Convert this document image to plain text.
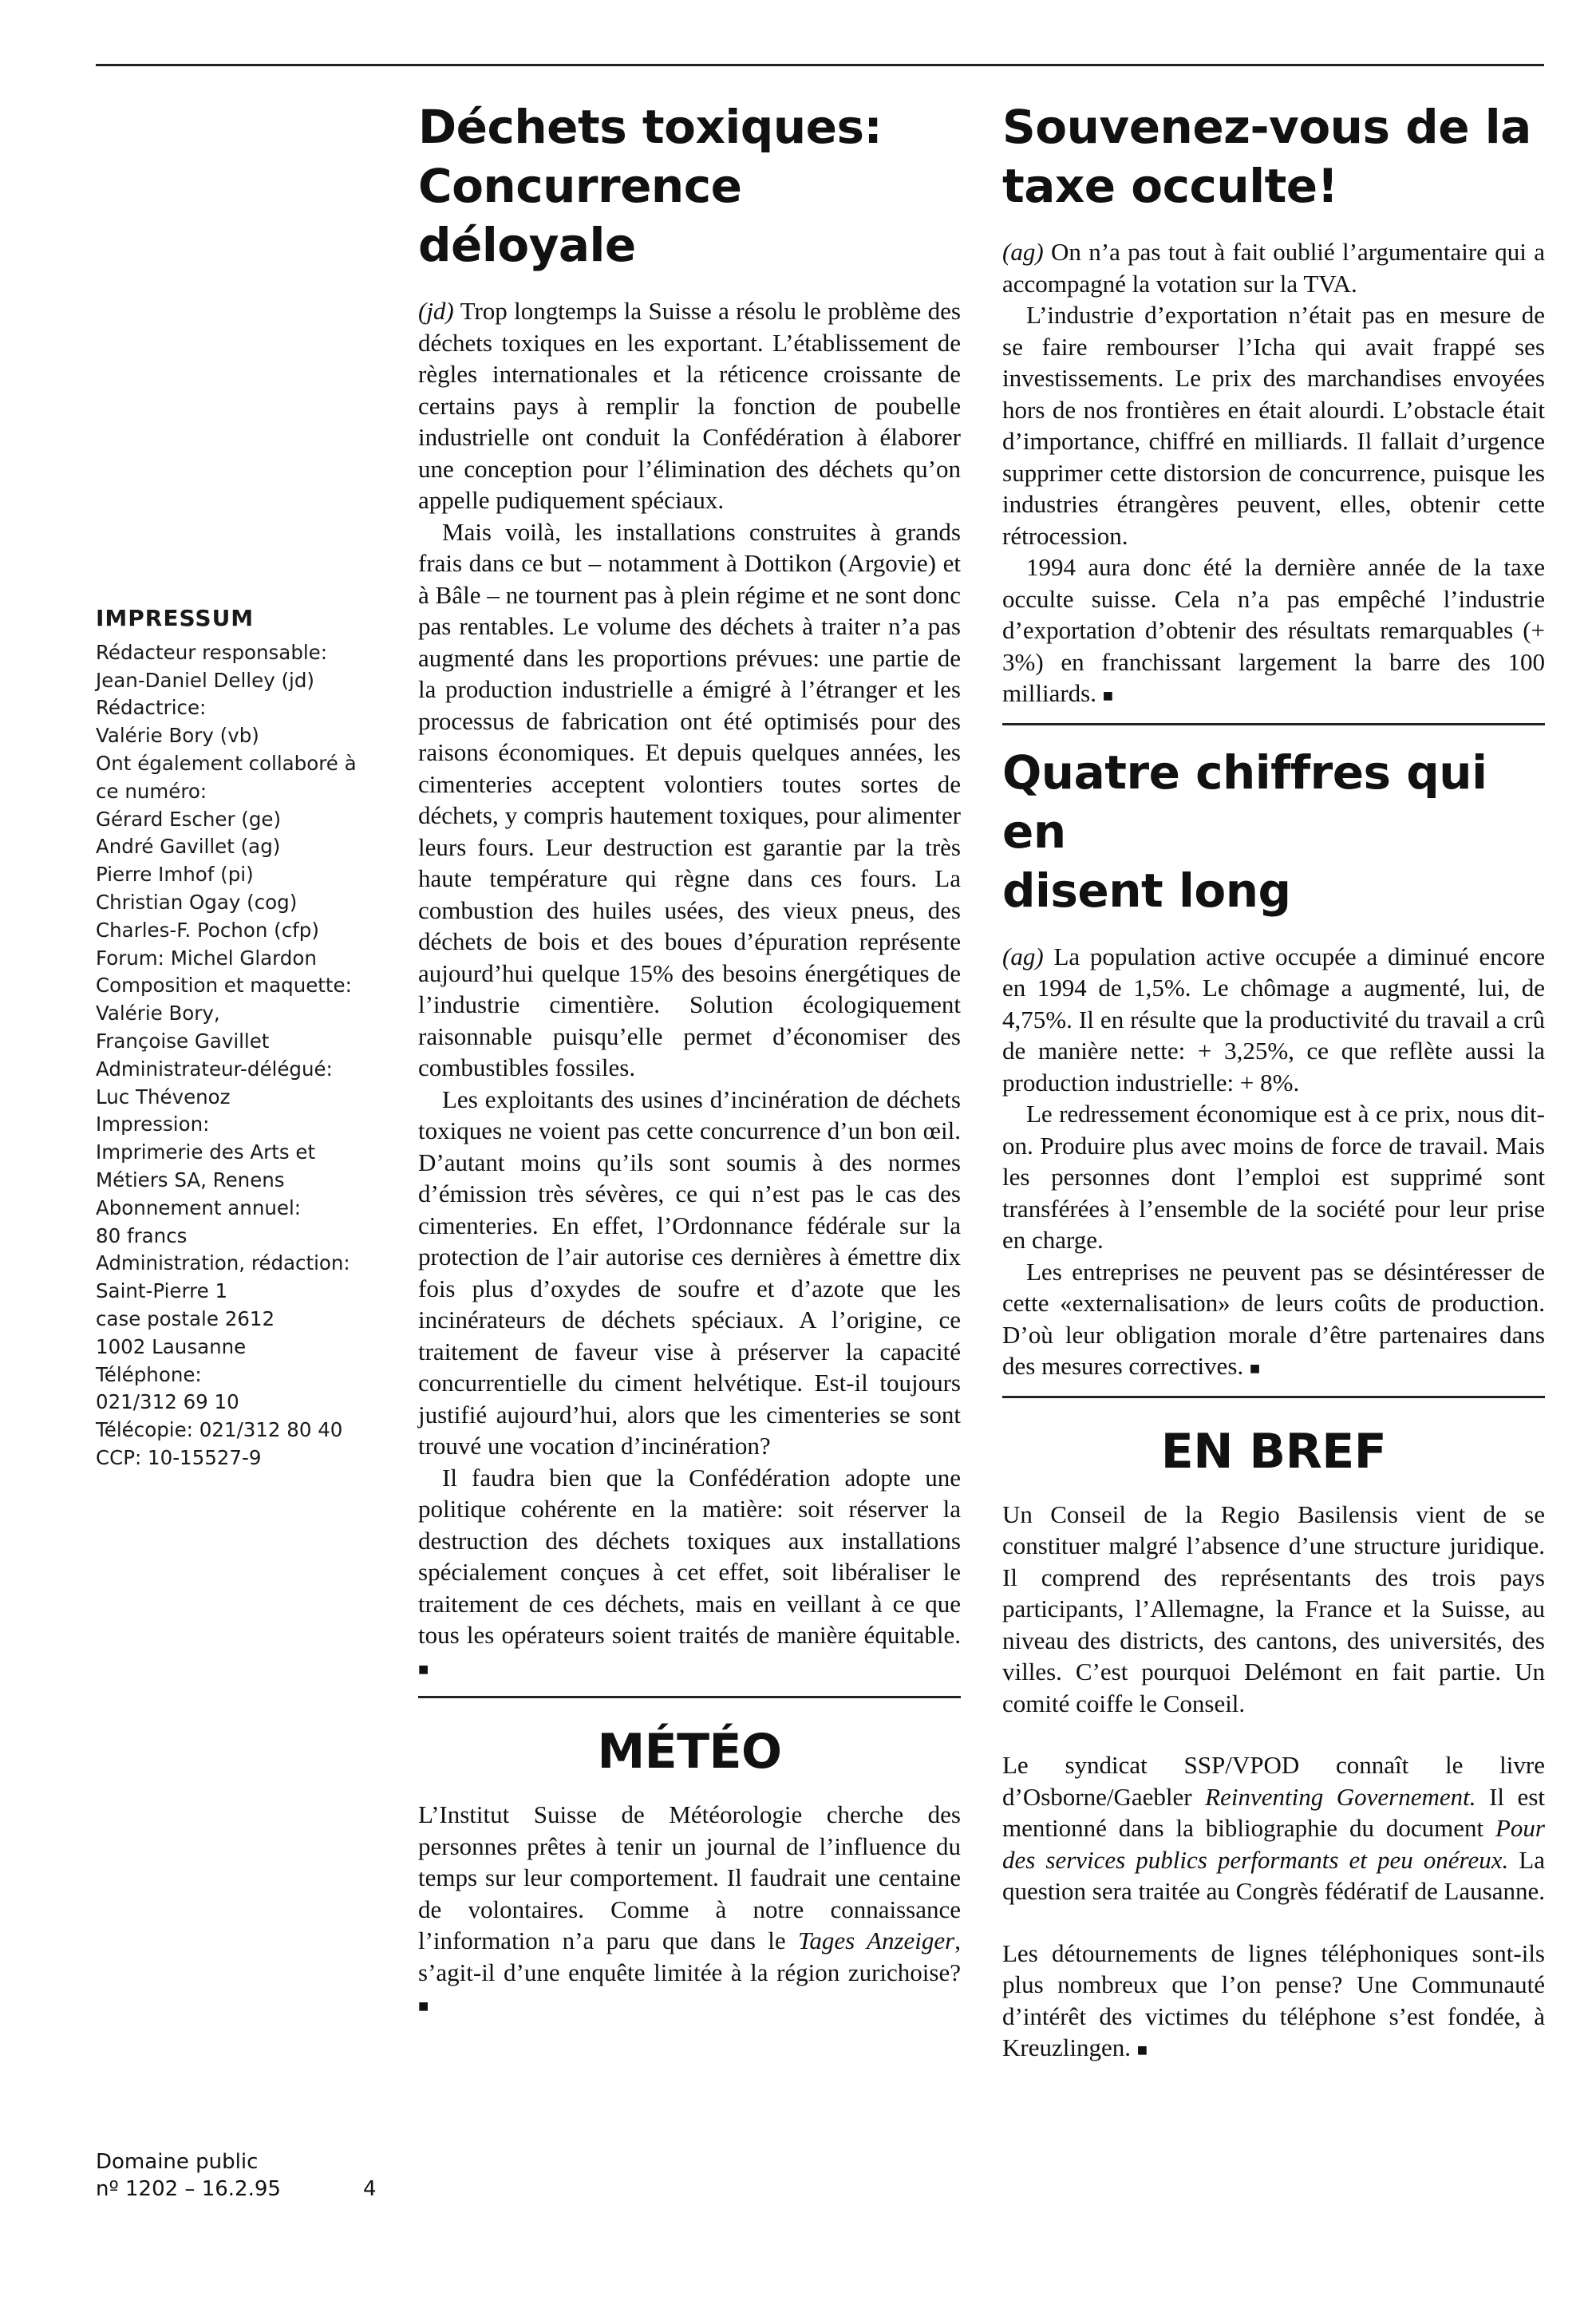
IMPRESSUM

Rédacteur responsable:

Jean-Daniel Delley (jd)

Rédactrice:

Valérie Bory (vb)

Ont également collaboré à

ce numéro:

Gérard Escher (ge)

André Gavillet (ag)

Pierre Imhof (pi)

Christian Ogay (cog)

Charles-F. Pochon (cfp)

Forum: Michel Glardon

Composition et maquette:

Valérie Bory,

Françoise Gavillet

Administrateur-délégué:

Luc Thévenoz

Impression:

Imprimerie des Arts et

Métiers SA, Renens

Abonnement annuel:

80 francs

Administration, rédaction:

Saint-Pierre 1

case postale 2612

1002 Lausanne

Téléphone:

021/312 69 10

Télécopie: 021/312 80 40

CCP: 10-15527-9

Domaine public
nº 1202 – 16.2.95	4
Déchets toxiques:
Concurrence déloyale

(jd) Trop longtemps la Suisse a résolu le problème des déchets toxiques en les exportant. L’établissement de règles internationales et la réticence croissante de certains pays à remplir la fonction de poubelle industrielle ont conduit la Confédération à élaborer une conception pour l’élimination des déchets qu’on appelle pudiquement spéciaux.

Mais voilà, les installations construites à grands frais dans ce but – notamment à Dottikon (Argovie) et à Bâle – ne tournent pas à plein régime et ne sont donc pas rentables. Le volume des déchets à traiter n’a pas augmenté dans les proportions prévues: une partie de la production industrielle a émigré à l’étranger et les processus de fabrication ont été optimisés pour des raisons économiques. Et depuis quelques années, les cimenteries acceptent volontiers toutes sortes de déchets, y compris hautement toxiques, pour alimenter leurs fours. Leur destruction est garantie par la très haute température qui règne dans ces fours. La combustion des huiles usées, des vieux pneus, des déchets de bois et des boues d’épuration représente aujourd’hui quelque 15% des besoins énergétiques de l’industrie cimentière. Solution écologiquement raisonnable puisqu’elle permet d’économiser des combustibles fossiles.

Les exploitants des usines d’incinération de déchets toxiques ne voient pas cette concurrence d’un bon œil. D’autant moins qu’ils sont soumis à des normes d’émission très sévères, ce qui n’est pas le cas des cimenteries. En effet, l’Ordonnance fédérale sur la protection de l’air autorise ces dernières à émettre dix fois plus d’oxydes de soufre et d’azote que les incinérateurs de déchets spéciaux. A l’origine, ce traitement de faveur vise à préserver la capacité concurrentielle du ciment helvétique. Est-il toujours justifié aujourd’hui, alors que les cimenteries se sont trouvé une vocation d’incinération?

Il faudra bien que la Confédération adopte une politique cohérente en la matière: soit réserver la destruction des déchets toxiques aux installations spécialement conçues à cet effet, soit libéraliser le traitement de ces déchets, mais en veillant à ce que tous les opérateurs soient traités de manière équitable. ■

MÉTÉO

L’Institut Suisse de Météorologie cherche des personnes prêtes à tenir un journal de l’influence du temps sur leur comportement. Il faudrait une centaine de volontaires. Comme à notre connaissance l’information n’a paru que dans le Tages Anzeiger, s’agit-il d’une enquête limitée à la région zurichoise? ■

Souvenez-vous de la
taxe occulte!

(ag) On n’a pas tout à fait oublié l’argumentaire qui a accompagné la votation sur la TVA.

L’industrie d’exportation n’était pas en mesure de se faire rembourser l’Icha qui avait frappé ses investissements. Le prix des marchandises envoyées hors de nos frontières en était alourdi. L’obstacle était d’importance, chiffré en milliards. Il fallait d’urgence supprimer cette distorsion de concurrence, puisque les industries étrangères peuvent, elles, obtenir cette rétrocession.

1994 aura donc été la dernière année de la taxe occulte suisse. Cela n’a pas empêché l’industrie d’exportation d’obtenir des résultats remarquables (+ 3%) en franchissant largement la barre des 100 milliards. ■

Quatre chiffres qui en
disent long

(ag) La population active occupée a diminué encore en 1994 de 1,5%. Le chômage a augmenté, lui, de 4,75%. Il en résulte que la productivité du travail a crû de manière nette: + 3,25%, ce que reflète aussi la production industrielle: + 8%.

Le redressement économique est à ce prix, nous dit-on. Produire plus avec moins de force de travail. Mais les personnes dont l’emploi est supprimé sont transférées à l’ensemble de la société pour leur prise en charge.

Les entreprises ne peuvent pas se désintéresser de cette «externalisation» de leurs coûts de production. D’où leur obligation morale d’être partenaires dans des mesures correctives. ■

EN BREF

Un Conseil de la Regio Basilensis vient de se constituer malgré l’absence d’une structure juridique. Il comprend des représentants des trois pays participants, l’Allemagne, la France et la Suisse, au niveau des districts, des cantons, des universités, des villes. C’est pourquoi Delémont en fait partie. Un comité coiffe le Conseil.

Le syndicat SSP/VPOD connaît le livre d’Osborne/Gaebler Reinventing Governement. Il est mentionné dans la bibliographie du document Pour des services publics performants et peu onéreux. La question sera traitée au Congrès fédératif de Lausanne.

Les détournements de lignes téléphoniques sont-ils plus nombreux que l’on pense? Une Communauté d’intérêt des victimes du téléphone s’est fondée, à Kreuzlingen. ■
